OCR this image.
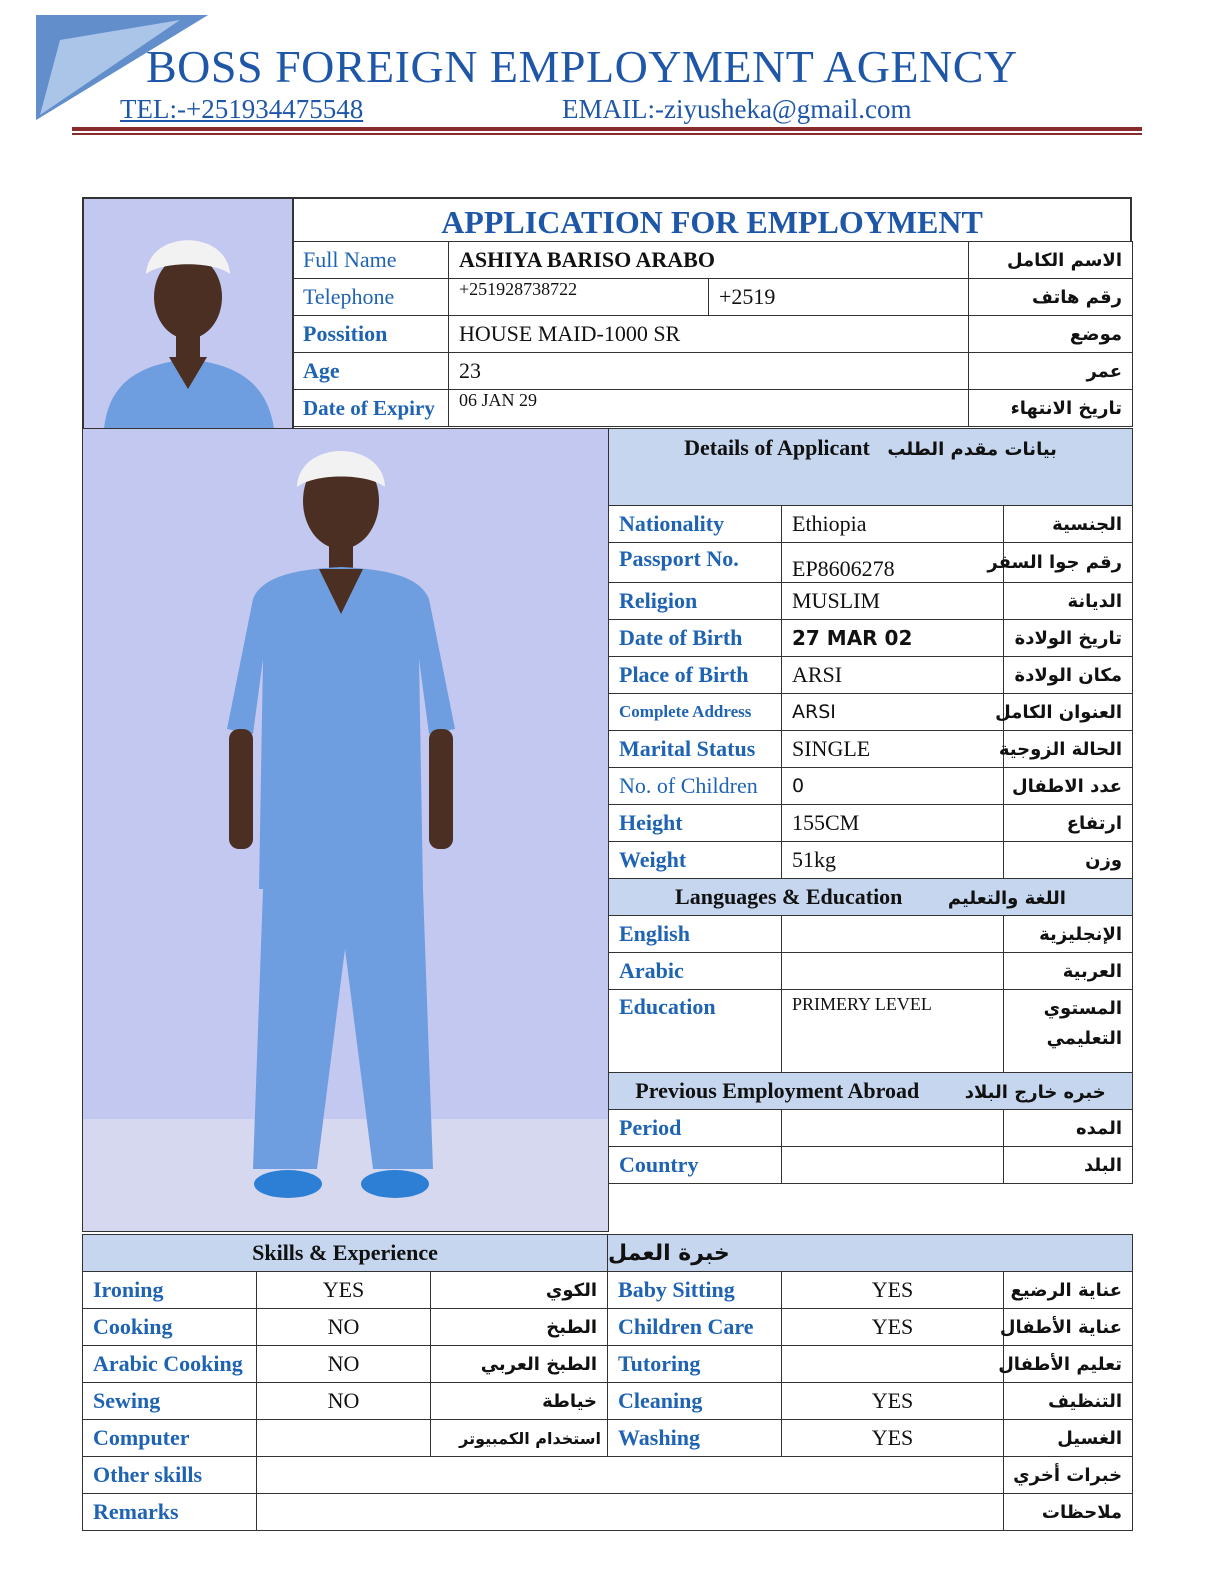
BOSS FOREIGN EMPLOYMENT AGENCY
TEL:-+251934475548	EMAIL:-ziyusheka@gmail.com
APPLICATION FOR EMPLOYMENT
Full Name	ASHIYA BARISO ARABO		الاسم الكامل
Telephone	+251928738722	+2519	رقم هاتف
Possition	HOUSE MAID-1000 SR		موضع
Age	23		عمر
Date of Expiry	06 JAN 29		تاريخ الانتهاء
Details of Applicant بيانات مقدم الطلب		
Nationality	Ethiopia	الجنسية
Passport No.	EP8606278	رقم جوا السفر
Religion	MUSLIM	الديانة
Date of Birth	27 MAR 02	تاريخ الولادة
Place of Birth	ARSI	مكان الولادة
Complete Address	ARSI	العنوان الكامل
Marital Status	SINGLE	الحالة الزوجية
No. of Children	0	عدد الاطفال
Height	155CM	ارتفاع
Weight	51kg	وزن
Languages & Education اللغة والتعليم		
English		الإنجليزية
Arabic		العربية
Education	PRIMERY LEVEL	المستوي التعليمي
Previous Employment Abroad خبره خارج البلاد		
Period		المده
Country		البلد
Skills & Experience			خبرة العمل		
Ironing	YES	الكوي	Baby Sitting	YES	عناية الرضيع
Cooking	NO	الطبخ	Children Care	YES	عناية الأطفال
Arabic Cooking	NO	الطبخ العربي	Tutoring		تعليم الأطفال
Sewing	NO	خياطة	Cleaning	YES	التنظيف
Computer		استخدام الكمبيوتر	Washing	YES	الغسيل
Other skills					خبرات أخري
Remarks					ملاحظات
